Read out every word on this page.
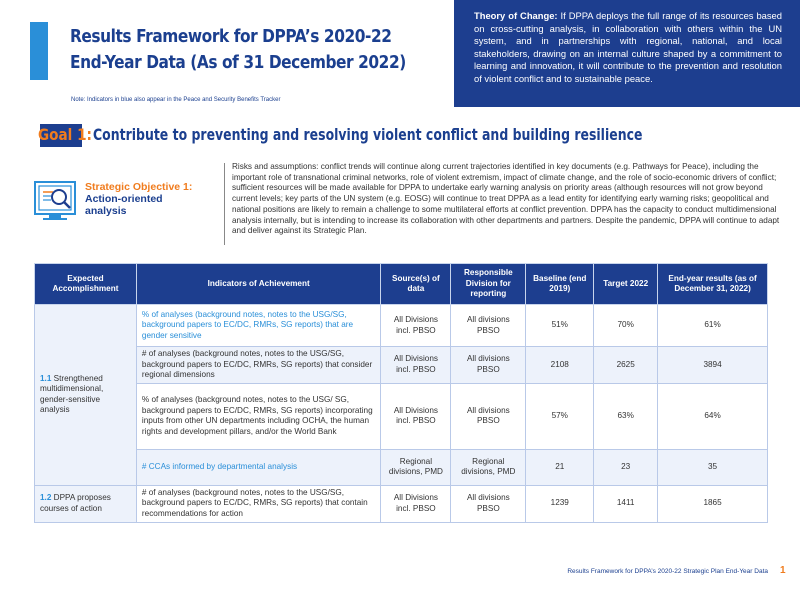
Results Framework for DPPA’s 2020-22
End-Year Data (As of 31 December 2022)
Note: Indicators in blue also appear in the Peace and Security Benefits Tracker
Theory of Change: If DPPA deploys the full range of its resources based on cross-cutting analysis, in collaboration with others within the UN system, and in partnerships with regional, national, and local stakeholders, drawing on an internal culture shaped by a commitment to learning and innovation, it will contribute to the prevention and resolution of violent conflict and to sustainable peace.
Goal 1: Contribute to preventing and resolving violent conflict and building resilience
Strategic Objective 1:
Action-oriented
analysis
Risks and assumptions: conflict trends will continue along current trajectories identified in key documents (e.g. Pathways for Peace), including the important role of transnational criminal networks, role of violent extremism, impact of climate change, and the role of socio-economic drivers of conflict; sufficient resources will be made available for DPPA to undertake early warning analysis on priority areas (although resources will not grow beyond current levels; key parts of the UN system (e.g. EOSG) will continue to treat DPPA as a lead entity for identifying early warning risks; geopolitical and national positions are likely to remain a challenge to some multilateral efforts at conflict prevention. DPPA has the capacity to conduct multidimensional analysis internally, but is intending to increase its collaboration with other departments and partners. Despite the pandemic, DPPA will continue to adapt and deliver against its Strategic Plan.
Expected Accomplishment	Indicators of Achievement	Source(s) of data	Responsible Division for reporting	Baseline (end 2019)	Target 2022	End-year results (as of December 31, 2022)
1.1 Strengthened multidimensional, gender-sensitive analysis	% of analyses (background notes, notes to the USG/SG, background papers to EC/DC, RMRs, SG reports) that are gender sensitive	All Divisions incl. PBSO	All divisions PBSO	51%	70%	61%
	# of analyses (background notes, notes to the USG/SG, background papers to EC/DC, RMRs, SG reports) that consider regional dimensions	All Divisions incl. PBSO	All divisions PBSO	2108	2625	3894
	% of analyses (background notes, notes to the USG/ SG, background papers to EC/DC, RMRs, SG reports) incorporating inputs from other UN departments including OCHA, the human rights and development pillars, and/or the World Bank	All Divisions incl. PBSO	All divisions PBSO	57%	63%	64%
	# CCAs informed by departmental analysis	Regional divisions, PMD	Regional divisions, PMD	21	23	35
1.2 DPPA proposes courses of action	# of analyses (background notes, notes to the USG/SG, background papers to EC/DC, RMRs, SG reports) that contain recommendations for action	All Divisions incl. PBSO	All divisions PBSO	1239	1411	1865
Results Framework for DPPA’s 2020-22 Strategic Plan End-Year Data 1
